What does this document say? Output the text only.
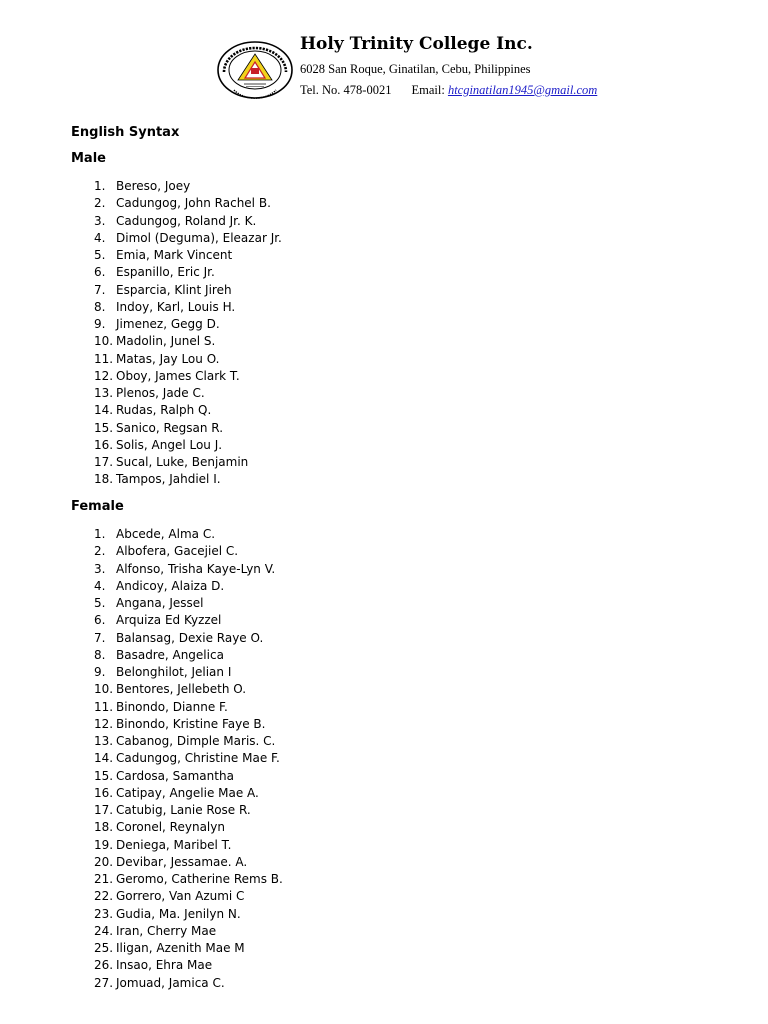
Holy Trinity College Inc.
6028 San Roque, Ginatilan, Cebu, Philippines
Tel. No. 478-0021 Email: htcginatilan1945@gmail.com
English Syntax
Male
1. Bereso, Joey
2. Cadungog, John Rachel B.
3. Cadungog, Roland Jr. K.
4. Dimol (Deguma), Eleazar Jr.
5. Emia, Mark Vincent
6. Espanillo, Eric Jr.
7. Esparcia, Klint Jireh
8. Indoy, Karl, Louis H.
9. Jimenez, Gegg D.
10. Madolin, Junel S.
11. Matas, Jay Lou O.
12. Oboy, James Clark T.
13. Plenos, Jade C.
14. Rudas, Ralph Q.
15. Sanico, Regsan R.
16. Solis, Angel Lou J.
17. Sucal, Luke, Benjamin
18. Tampos, Jahdiel I.
Female
1. Abcede, Alma C.
2. Albofera, Gacejiel C.
3. Alfonso, Trisha Kaye-Lyn V.
4. Andicoy, Alaiza D.
5. Angana, Jessel
6. Arquiza Ed Kyzzel
7. Balansag, Dexie Raye O.
8. Basadre, Angelica
9. Belonghilot, Jelian I
10. Bentores, Jellebeth O.
11. Binondo, Dianne F.
12. Binondo, Kristine Faye B.
13. Cabanog, Dimple Maris. C.
14. Cadungog, Christine Mae F.
15. Cardosa, Samantha
16. Catipay, Angelie Mae A.
17. Catubig, Lanie Rose R.
18. Coronel, Reynalyn
19. Deniega, Maribel T.
20. Devibar, Jessamae. A.
21. Geromo, Catherine Rems B.
22. Gorrero, Van Azumi C
23. Gudia, Ma. Jenilyn N.
24. Iran, Cherry Mae
25. Iligan, Azenith Mae M
26. Insao, Ehra Mae
27. Jomuad, Jamica C.
